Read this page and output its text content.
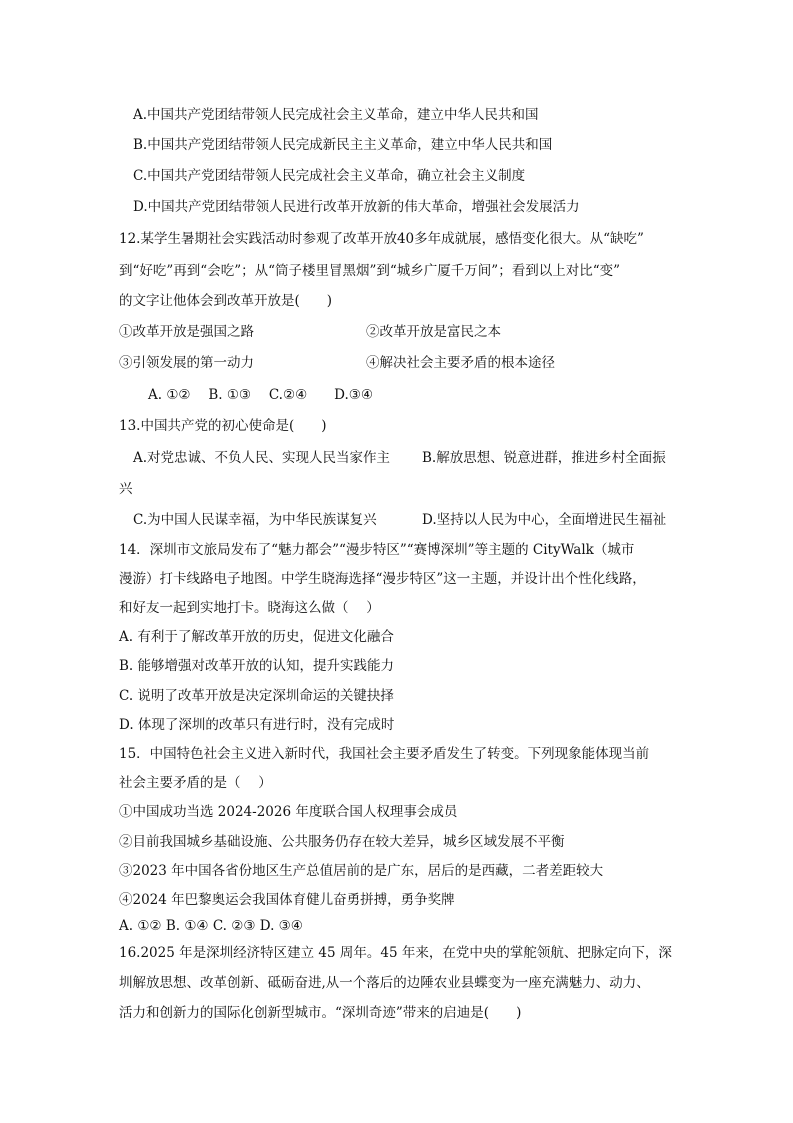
A.中国共产党团结带领人民完成社会主义革命，建立中华人民共和国
B.中国共产党团结带领人民完成新民主主义革命，建立中华人民共和国
C.中国共产党团结带领人民完成社会主义革命，确立社会主义制度
D.中国共产党团结带领人民进行改革开放新的伟大革命，增强社会发展活力
12.某学生暑期社会实践活动时参观了改革开放40多年成就展，感悟变化很大。从“缺吃”
到“好吃”再到“会吃”；从“筒子楼里冒黑烟”到“城乡广厦千万间”；看到以上对比“变”
的文字让他体会到改革开放是(　　)
①改革开放是强国之路	②改革开放是富民之本
③引领发展的第一动力	④解决社会主要矛盾的根本途径
A. ①②　 B. ①③　 C.②④　　D.③④
13.中国共产党的初心使命是(　　)
A.对党忠诚、不负人民、实现人民当家作主 B.解放思想、锐意进群，推进乡村全面振
兴
C.为中国人民谋幸福，为中华民族谋复兴	D.坚持以人民为中心，全面增进民生福祉
14．深圳市文旅局发布了“魅力都会”“漫步特区”“赛博深圳”等主题的 CityWalk（城市
漫游）打卡线路电子地图。中学生晓海选择“漫步特区”这一主题，并设计出个性化线路，
和好友一起到实地打卡。晓海这么做（　 ）
A. 有利于了解改革开放的历史，促进文化融合
B. 能够增强对改革开放的认知，提升实践能力
C. 说明了改革开放是决定深圳命运的关键抉择
D. 体现了深圳的改革只有进行时，没有完成时
15．中国特色社会主义进入新时代，我国社会主要矛盾发生了转变。下列现象能体现当前
社会主要矛盾的是（　 ）
①中国成功当选 2024-2026 年度联合国人权理事会成员
②目前我国城乡基础设施、公共服务仍存在较大差异，城乡区域发展不平衡
③2023 年中国各省份地区生产总值居前的是广东，居后的是西藏，二者差距较大
④2024 年巴黎奥运会我国体育健儿奋勇拼搏，勇争奖牌
A. ①② B. ①④ C. ②③ D. ③④
16.2025 年是深圳经济特区建立 45 周年。45 年来，在党中央的掌舵领航、把脉定向下，深
圳解放思想、改革创新、砥砺奋进,从一个落后的边陲农业县蝶变为一座充满魅力、动力、
活力和创新力的国际化创新型城市。“深圳奇迹”带来的启迪是(　　)
